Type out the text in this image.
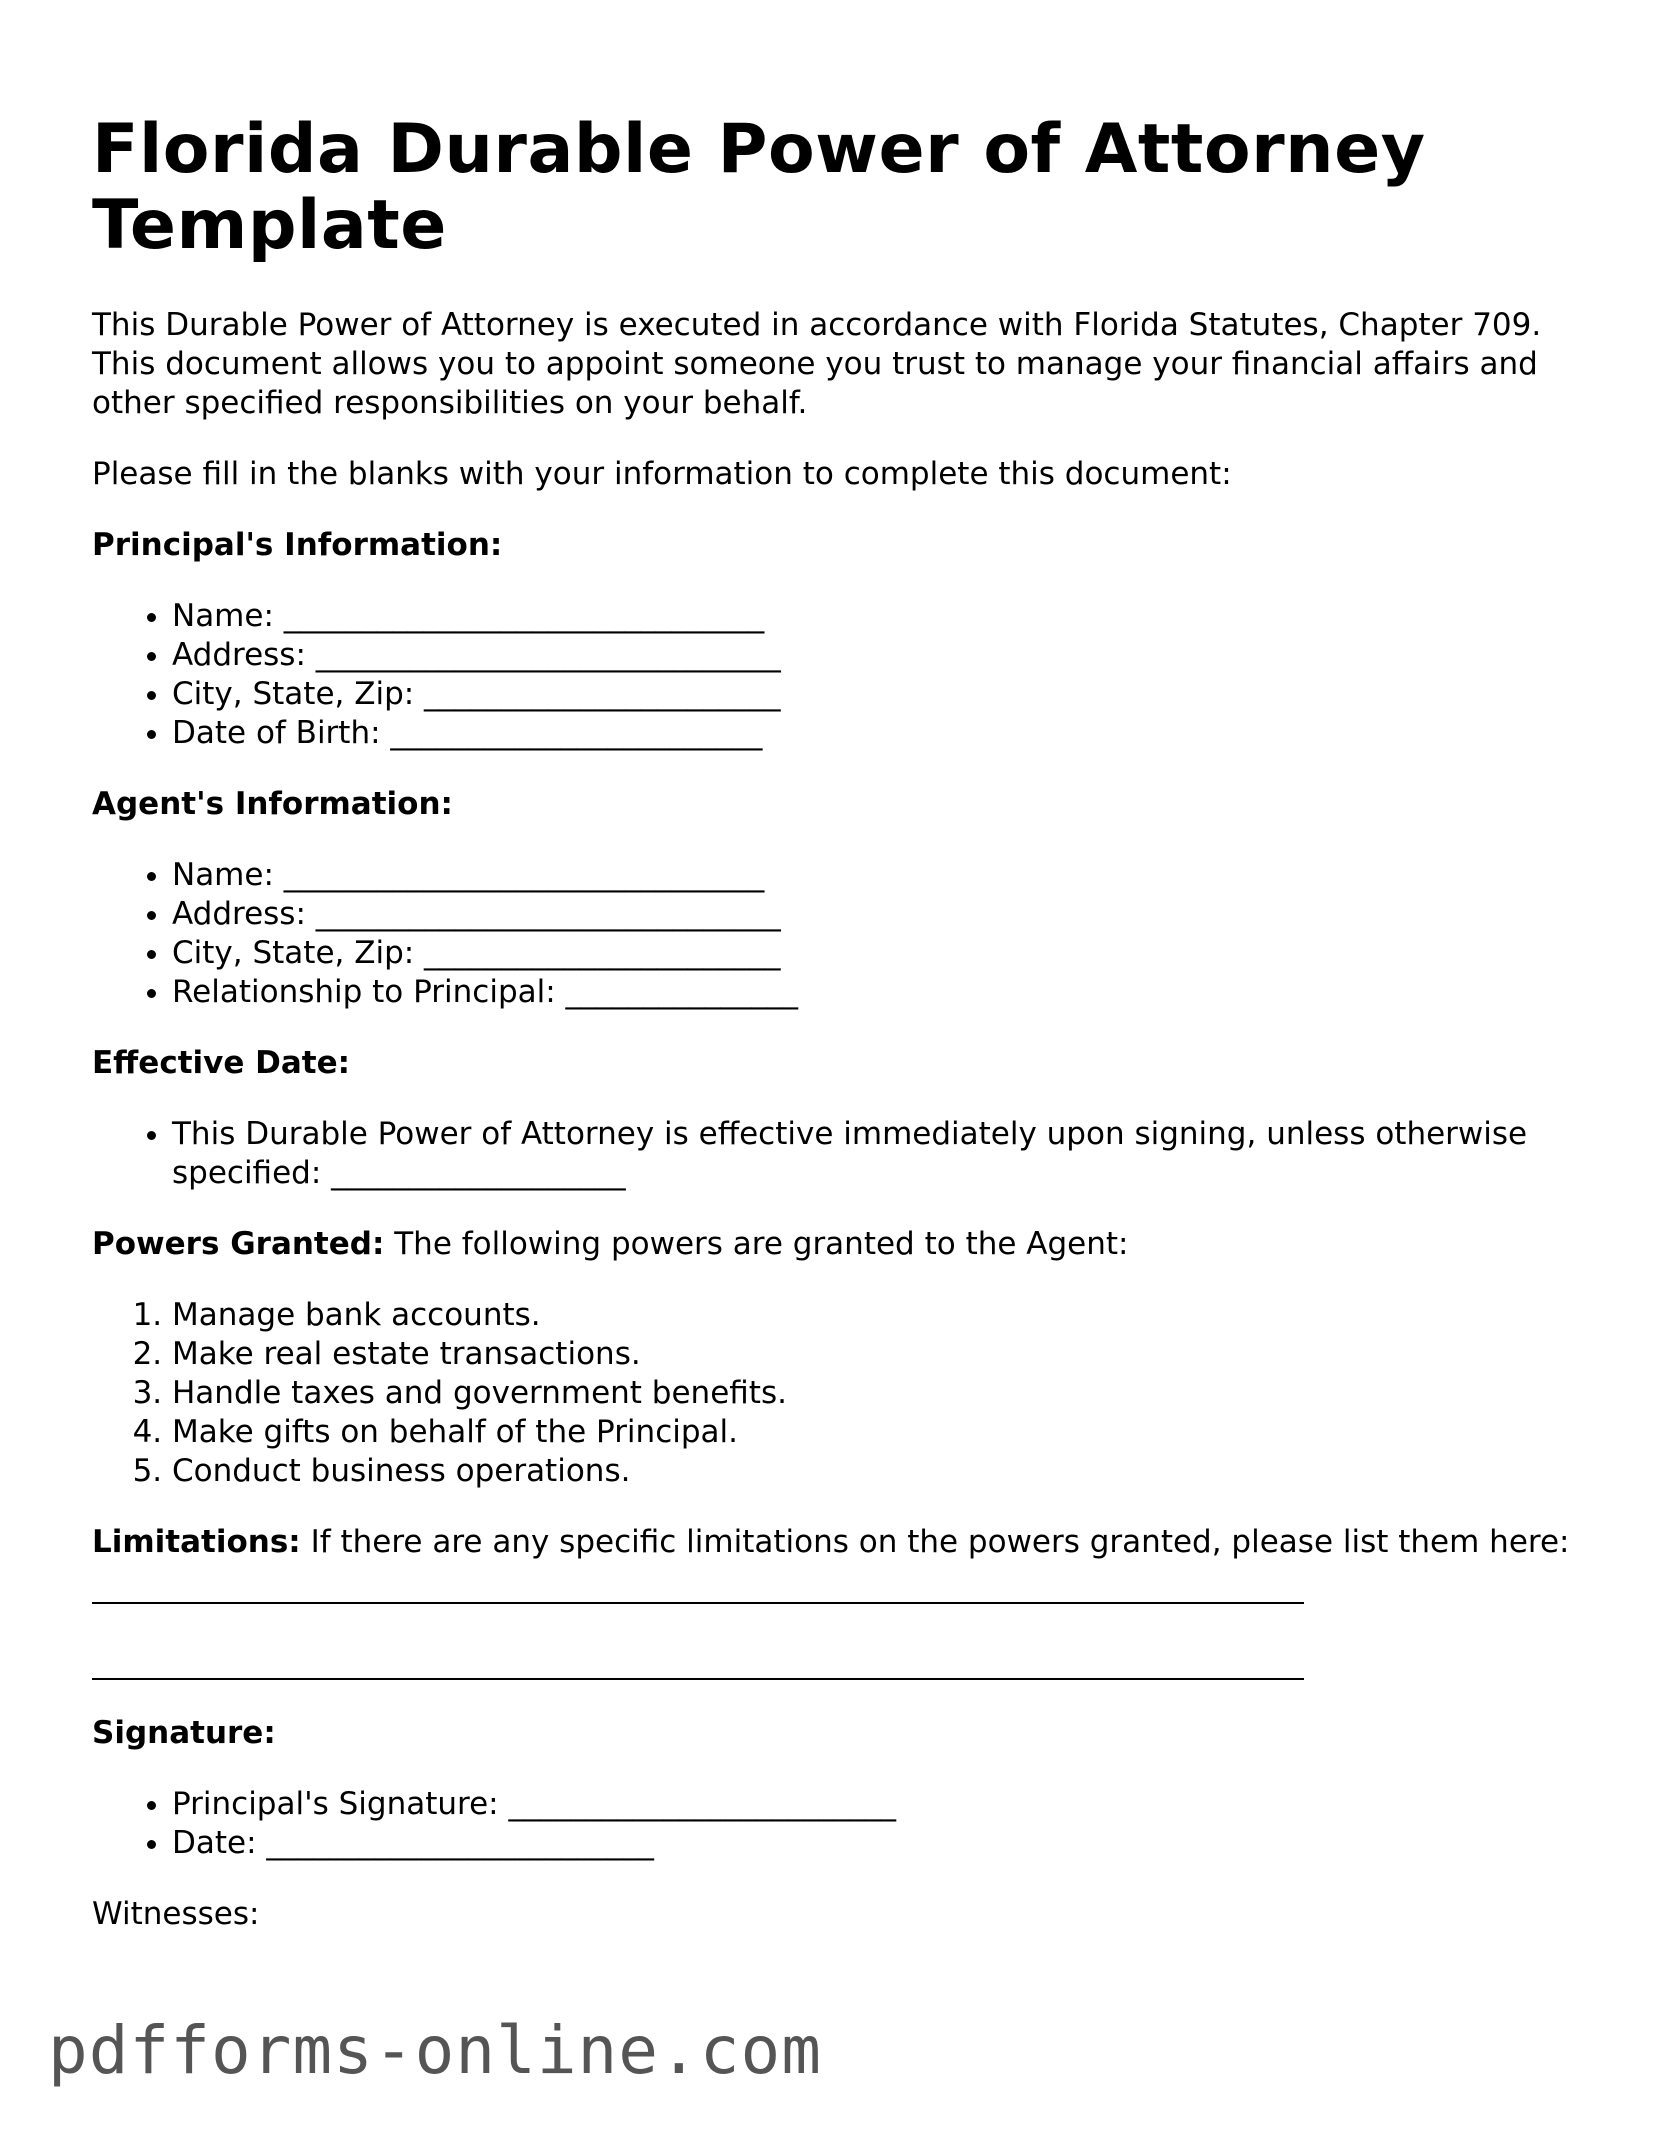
Florida Durable Power of Attorney Template

This Durable Power of Attorney is executed in accordance with Florida Statutes, Chapter 709. This document allows you to appoint someone you trust to manage your financial affairs and other specified responsibilities on your behalf.

Please fill in the blanks with your information to complete this document:

Principal's Information:
• Name: _______________________________
• Address: ______________________________
• City, State, Zip: _______________________
• Date of Birth: ________________________
Agent's Information:
• Name: _______________________________
• Address: ______________________________
• City, State, Zip: _______________________
• Relationship to Principal: _______________
Effective Date:
• This Durable Power of Attorney is effective immediately upon signing, unless otherwise specified: ___________________

Powers Granted: The following powers are granted to the Agent:

1. Manage bank accounts.
2. Make real estate transactions.
3. Handle taxes and government benefits.
4. Make gifts on behalf of the Principal.
5. Conduct business operations.

Limitations: If there are any specific limitations on the powers granted, please list them here:

Signature:
• Principal's Signature: _________________________
• Date: _________________________

Witnesses:

pdfforms-online.com
